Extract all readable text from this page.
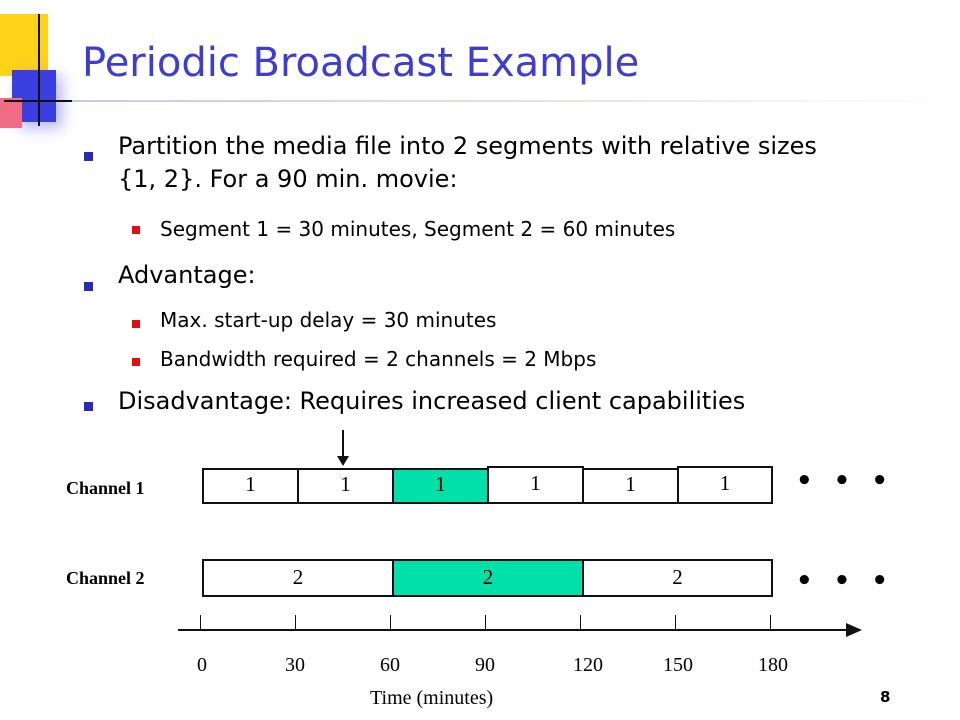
Periodic Broadcast Example
Partition the media file into 2 segments with relative sizes {1, 2}. For a 90 min. movie:
Segment 1 = 30 minutes, Segment 2 = 60 minutes
Advantage:
Max. start-up delay = 30 minutes
Bandwidth required = 2 channels = 2 Mbps
Disadvantage: Requires increased client capabilities
Channel 1	1	1	1	1	1	1	• • •
Channel 2	2	2	2	• • •
0	30	60	90	120	150	180
Time (minutes)	8
